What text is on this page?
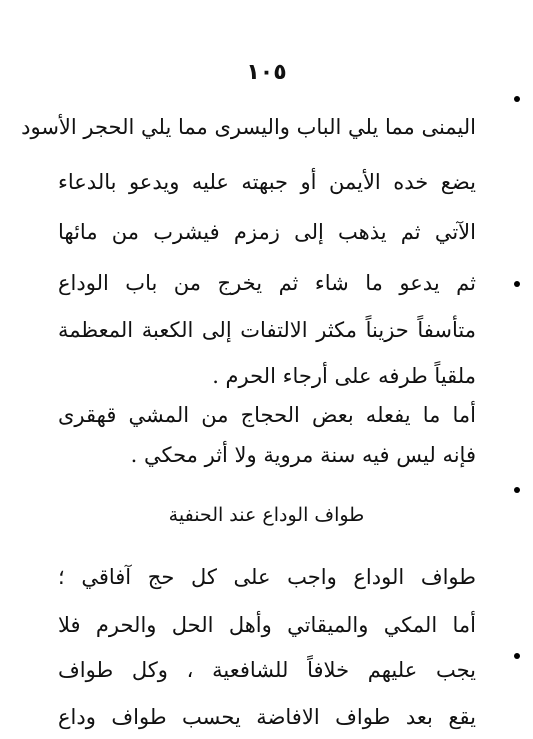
١٠٥
اليمنى مما يلي الباب واليسرى مما يلي الحجر الأسود
يضع خده الأيمن أو جبهته عليه ويدعو بالدعاء
الآتي ثم يذهب إلى زمزم فيشرب من مائها
ثم يدعو ما شاء ثم يخرج من باب الوداع
متأسفاً حزيناً مكثر الالتفات إلى الكعبة المعظمة
ملقياً طرفه على أرجاء الحرم .
أما ما يفعله بعض الحجاج من المشي قهقرى
فإنه ليس فيه سنة مروية ولا أثر محكي .
طواف الوداع عند الحنفية
طواف الوداع واجب على كل حج آفاقي ؛
أما المكي والميقاتي وأهل الحل والحرم فلا
يجب عليهم خلافاً للشافعية ، وكل طواف
يقع بعد طواف الافاضة يحسب طواف وداع
